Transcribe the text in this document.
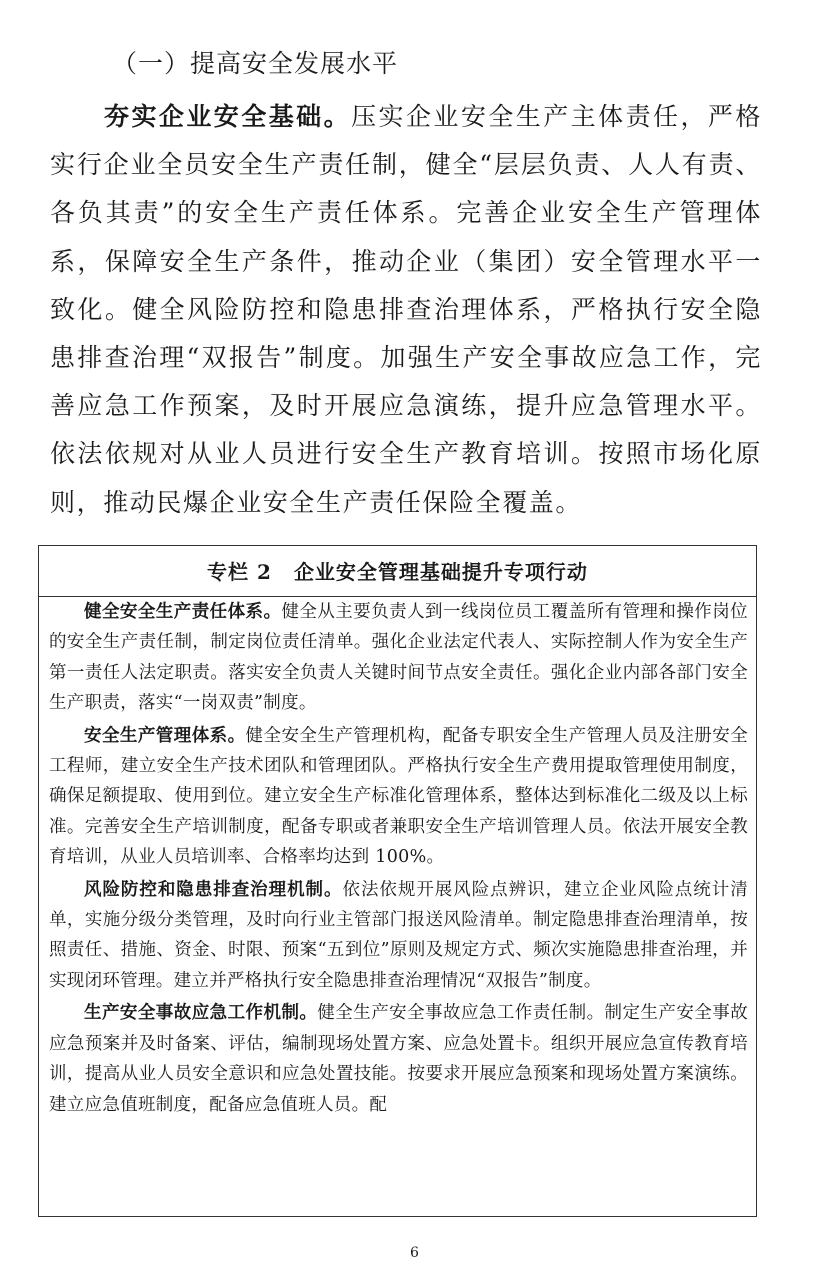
（一）提高安全发展水平

夯实企业安全基础。压实企业安全生产主体责任，严格实行企业全员安全生产责任制，健全“层层负责、人人有责、各负其责”的安全生产责任体系。完善企业安全生产管理体系，保障安全生产条件，推动企业（集团）安全管理水平一致化。健全风险防控和隐患排查治理体系，严格执行安全隐患排查治理“双报告”制度。加强生产安全事故应急工作，完善应急工作预案，及时开展应急演练，提升应急管理水平。依法依规对从业人员进行安全生产教育培训。按照市场化原则，推动民爆企业安全生产责任保险全覆盖。

专栏 2 企业安全管理基础提升专项行动

健全安全生产责任体系。健全从主要负责人到一线岗位员工覆盖所有管理和操作岗位的安全生产责任制，制定岗位责任清单。强化企业法定代表人、实际控制人作为安全生产第一责任人法定职责。落实安全负责人关键时间节点安全责任。强化企业内部各部门安全生产职责，落实“一岗双责”制度。

安全生产管理体系。健全安全生产管理机构，配备专职安全生产管理人员及注册安全工程师，建立安全生产技术团队和管理团队。严格执行安全生产费用提取管理使用制度，确保足额提取、使用到位。建立安全生产标准化管理体系，整体达到标准化二级及以上标准。完善安全生产培训制度，配备专职或者兼职安全生产培训管理人员。依法开展安全教育培训，从业人员培训率、合格率均达到 100%。

风险防控和隐患排查治理机制。依法依规开展风险点辨识，建立企业风险点统计清单，实施分级分类管理，及时向行业主管部门报送风险清单。制定隐患排查治理清单，按照责任、措施、资金、时限、预案“五到位”原则及规定方式、频次实施隐患排查治理，并实现闭环管理。建立并严格执行安全隐患排查治理情况“双报告”制度。

生产安全事故应急工作机制。健全生产安全事故应急工作责任制。制定生产安全事故应急预案并及时备案、评估，编制现场处置方案、应急处置卡。组织开展应急宣传教育培训，提高从业人员安全意识和应急处置技能。按要求开展应急预案和现场处置方案演练。建立应急值班制度，配备应急值班人员。配

6
